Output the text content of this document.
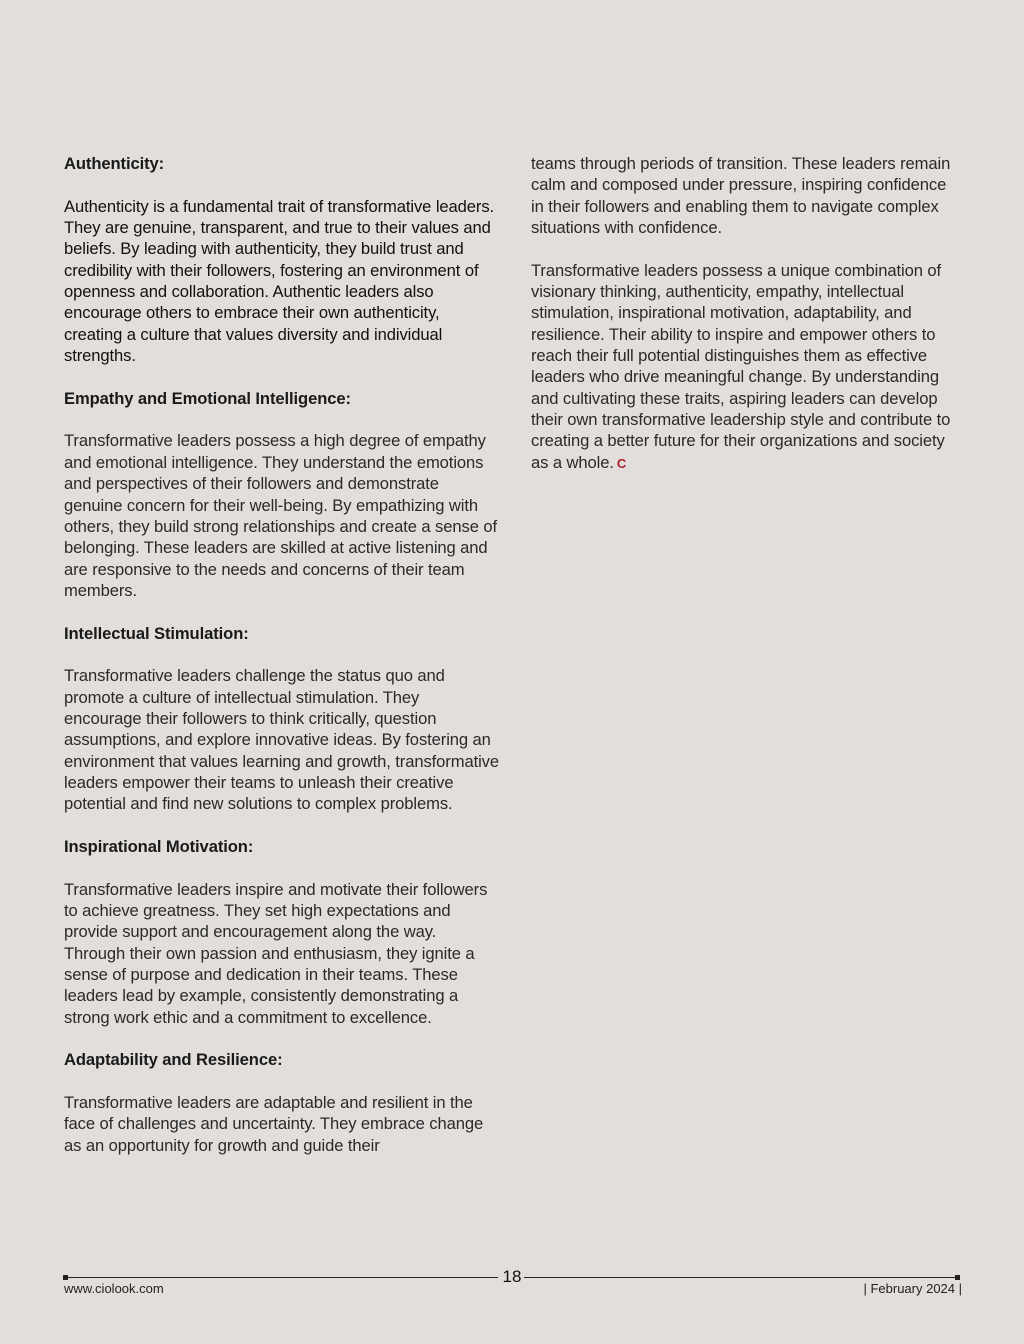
Authenticity:

Authenticity is a fundamental trait of transformative leaders. They are genuine, transparent, and true to their values and beliefs. By leading with authenticity, they build trust and credibility with their followers, fostering an environment of openness and collaboration. Authentic leaders also encourage others to embrace their own authenticity, creating a culture that values diversity and individual strengths.

Empathy and Emotional Intelligence:

Transformative leaders possess a high degree of empathy and emotional intelligence. They understand the emotions and perspectives of their followers and demonstrate genuine concern for their well-being. By empathizing with others, they build strong relationships and create a sense of belonging. These leaders are skilled at active listening and are responsive to the needs and concerns of their team members.

Intellectual Stimulation:

Transformative leaders challenge the status quo and promote a culture of intellectual stimulation. They encourage their followers to think critically, question assumptions, and explore innovative ideas. By fostering an environment that values learning and growth, transformative leaders empower their teams to unleash their creative potential and find new solutions to complex problems.

Inspirational Motivation:

Transformative leaders inspire and motivate their followers to achieve greatness. They set high expectations and provide support and encouragement along the way. Through their own passion and enthusiasm, they ignite a sense of purpose and dedication in their teams. These leaders lead by example, consistently demonstrating a strong work ethic and a commitment to excellence.

Adaptability and Resilience:

Transformative leaders are adaptable and resilient in the face of challenges and uncertainty. They embrace change as an opportunity for growth and guide their

teams through periods of transition. These leaders remain calm and composed under pressure, inspiring confidence in their followers and enabling them to navigate complex situations with confidence.

Transformative leaders possess a unique combination of visionary thinking, authenticity, empathy, intellectual stimulation, inspirational motivation, adaptability, and resilience. Their ability to inspire and empower others to reach their full potential distinguishes them as effective leaders who drive meaningful change. By understanding and cultivating these traits, aspiring leaders can develop their own transformative leadership style and contribute to creating a better future for their organizations and society as a whole. C

18
www.ciolook.com	| February 2024 |
